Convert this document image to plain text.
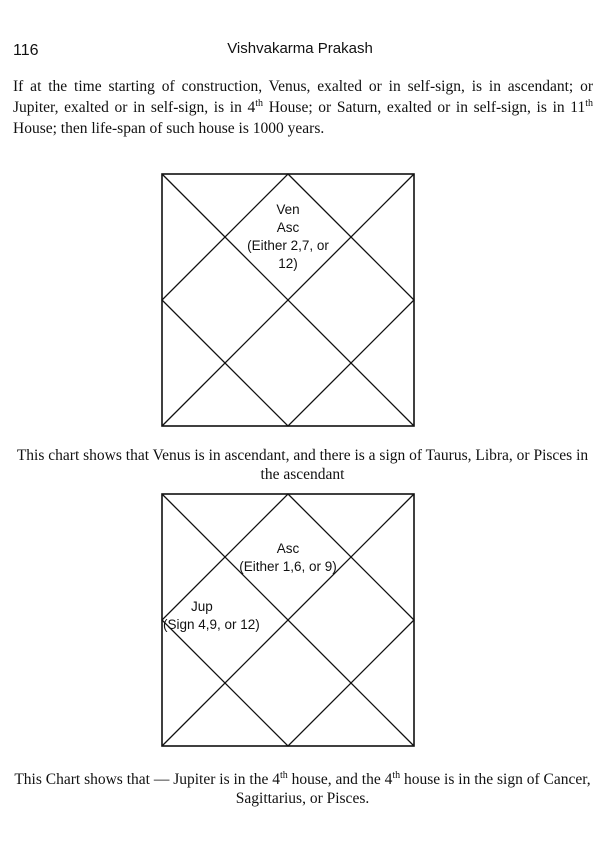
116	Vishvakarma Prakash

If at the time starting of construction, Venus, exalted or in self-sign, is in ascendant; or Jupiter, exalted or in self-sign, is in 4th House; or Saturn, exalted or in self-sign, is in 11th House; then life-span of such house is 1000 years.

Ven
Asc
(Either 2,7, or
12)
This chart shows that Venus is in ascendant, and there is a sign of Taurus, Libra, or Pisces in
the ascendant
Asc
(Either 1,6, or 9)
Jup
(Sign 4,9, or 12)
This Chart shows that — Jupiter is in the 4th house, and the 4th house is in the sign of Cancer,
Sagittarius, or Pisces.
